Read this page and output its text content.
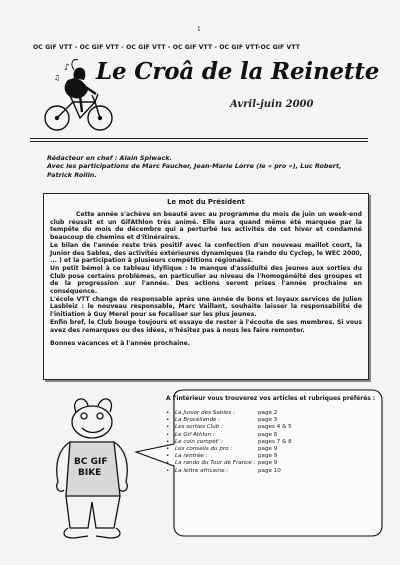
1
OC GIF VTT - OC GIF VTT - OC GIF VTT - OC GIF VTT - OC GIF VTT-OC GIF VTT
♪
♫ Le Croâ de la Reinette
Avril-juin 2000
Rédacteur en chef : Alain Spiwack.
Avec les participations de Marc Faucher, Jean-Marie Lorre (le « pro »), Luc Robert,
Patrick Rollin.
Le mot du Président

Cette année s'achève en beauté avec au programme du mois de juin un week-end club réussit et un GifAthlon très animé. Elle aura quand même été marquée par la tempête du mois de décembre qui a perturbé les activités de cet hiver et condamné beaucoup de chemins et d'itinéraires.

Le bilan de l'année reste très positif avec la confection d'un nouveau maillot court, la Junior des Sables, des activités extérieures dynamiques (la rando du Cyclop, le WEC 2000, ... ) et la participation à plusieurs compétitions régionales.

Un petit bémol à ce tableau idyllique : le manque d'assiduité des jeunes aux sorties du Club pose certains problèmes, en particulier au niveau de l'homogénéité des groupes et de la progression sur l'année. Des actions seront prises l'année prochaine en conséquence.

L'école VTT change de responsable après une année de bons et loyaux services de Julien Lasbleiz : le nouveau responsable, Marc Vaillant, souhaite laisser la responsabilité de l'initiation à Guy Merel pour se focaliser sur les plus jeunes.

Enfin bref, le Club bouge toujours et essaye de rester à l'écoute de ses membres. Si vous avez des remarques ou des idées, n'hésitez pas à nous les faire remonter.

Bonnes vacances et à l'année prochaine.

BC GIF BIKE
A l'intérieur vous trouverez vos articles et rubriques préférés :
• La Junior des Sables :	page 2
• La Brocéliande :	page 3
• Les sorties Club :	pages 4 & 5
• Le Gif Athlon :	page 6
• Le coin compèt' :	pages 7 & 8
• Les conseils du pro :	page 9
• La rentrée :	page 9
• La rando du Tour de France : page 9
• La lettre africaine :	page 10
